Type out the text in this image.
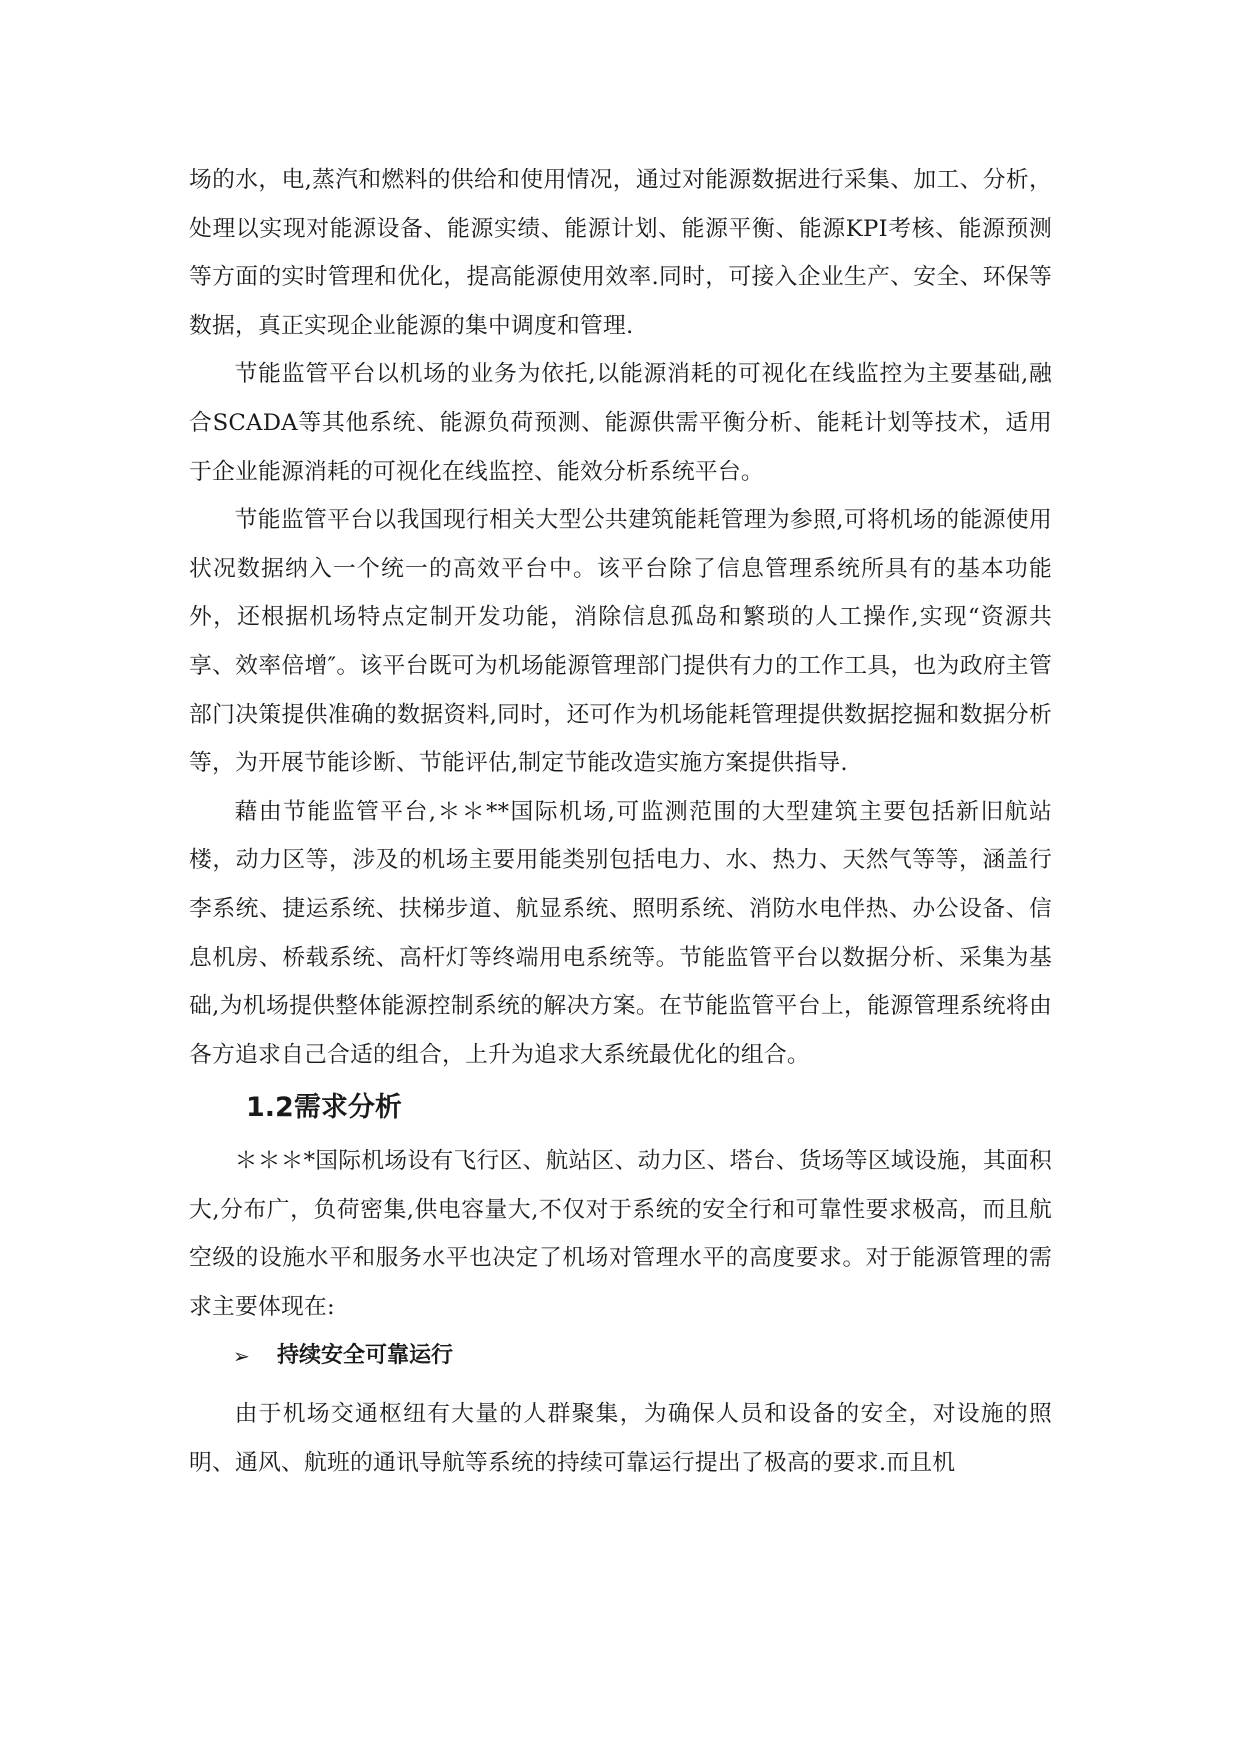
场的水，电,蒸汽和燃料的供给和使用情况，通过对能源数据进行采集、加工、分析，处理以实现对能源设备、能源实绩、能源计划、能源平衡、能源KPI考核、能源预测等方面的实时管理和优化，提高能源使用效率.同时，可接入企业生产、安全、环保等数据，真正实现企业能源的集中调度和管理.

节能监管平台以机场的业务为依托,以能源消耗的可视化在线监控为主要基础,融合SCADA等其他系统、能源负荷预测、能源供需平衡分析、能耗计划等技术，适用于企业能源消耗的可视化在线监控、能效分析系统平台。

节能监管平台以我国现行相关大型公共建筑能耗管理为参照,可将机场的能源使用状况数据纳入一个统一的高效平台中。该平台除了信息管理系统所具有的基本功能外，还根据机场特点定制开发功能，消除信息孤岛和繁琐的人工操作,实现“资源共享、效率倍增″。该平台既可为机场能源管理部门提供有力的工作工具，也为政府主管部门决策提供准确的数据资料,同时，还可作为机场能耗管理提供数据挖掘和数据分析等，为开展节能诊断、节能评估,制定节能改造实施方案提供指导.

藉由节能监管平台,＊＊**国际机场,可监测范围的大型建筑主要包括新旧航站楼，动力区等，涉及的机场主要用能类别包括电力、水、热力、天然气等等，涵盖行李系统、捷运系统、扶梯步道、航显系统、照明系统、消防水电伴热、办公设备、信息机房、桥载系统、高杆灯等终端用电系统等。节能监管平台以数据分析、采集为基础,为机场提供整体能源控制系统的解决方案。在节能监管平台上，能源管理系统将由各方追求自己合适的组合，上升为追求大系统最优化的组合。

1.2需求分析

＊＊＊*国际机场设有飞行区、航站区、动力区、塔台、货场等区域设施，其面积大,分布广，负荷密集,供电容量大,不仅对于系统的安全行和可靠性要求极高，而且航空级的设施水平和服务水平也决定了机场对管理水平的高度要求。对于能源管理的需求主要体现在:

➢	持续安全可靠运行

由于机场交通枢纽有大量的人群聚集，为确保人员和设备的安全，对设施的照明、通风、航班的通讯导航等系统的持续可靠运行提出了极高的要求.而且机
